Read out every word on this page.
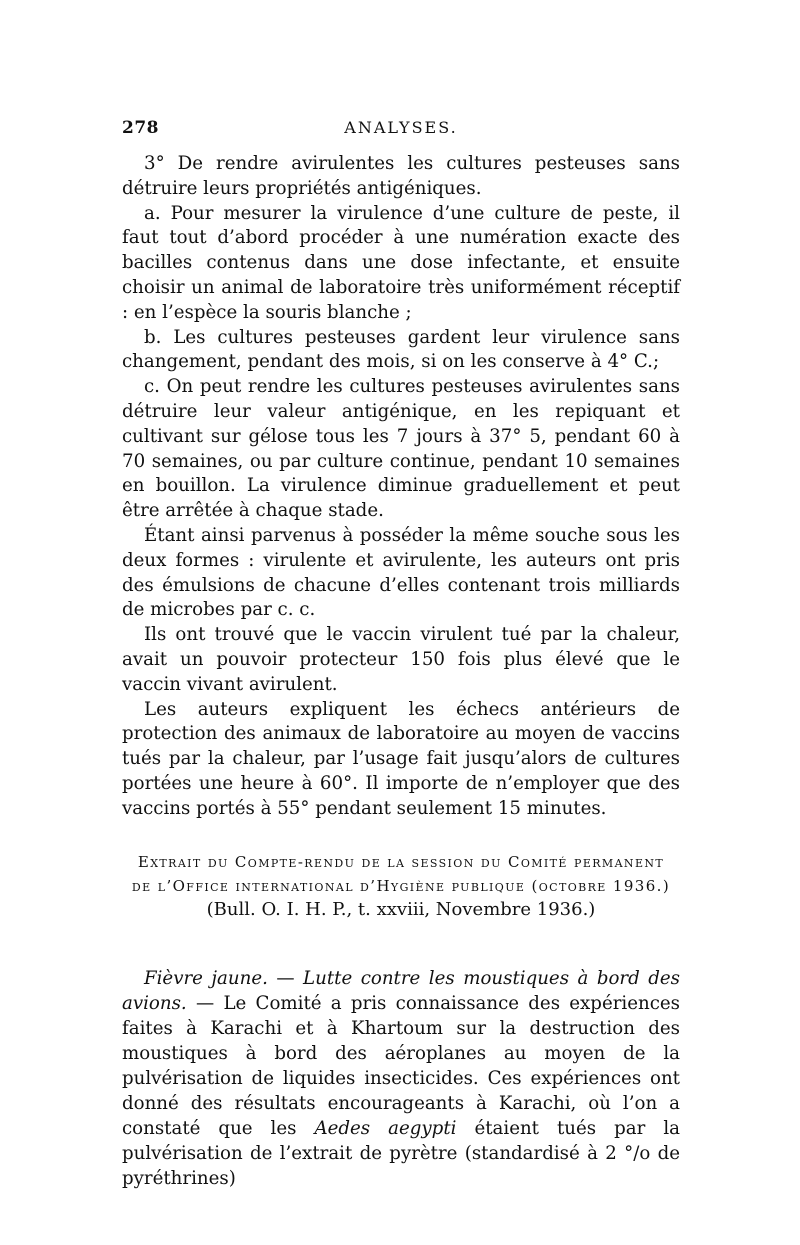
278	ANALYSES.

3° De rendre avirulentes les cultures pesteuses sans détruire leurs propriétés antigéniques.

a. Pour mesurer la virulence d’une culture de peste, il faut tout d’abord procéder à une numération exacte des bacilles contenus dans une dose infectante, et ensuite choisir un animal de laboratoire très uniformément réceptif : en l’espèce la souris blanche ;

b. Les cultures pesteuses gardent leur virulence sans changement, pendant des mois, si on les conserve à 4° C.;

c. On peut rendre les cultures pesteuses avirulentes sans détruire leur valeur antigénique, en les repiquant et cultivant sur gélose tous les 7 jours à 37° 5, pendant 60 à 70 semaines, ou par culture continue, pendant 10 semaines en bouillon. La virulence diminue graduellement et peut être arrêtée à chaque stade.

Étant ainsi parvenus à posséder la même souche sous les deux formes : virulente et avirulente, les auteurs ont pris des émulsions de chacune d’elles contenant trois milliards de microbes par c. c.

Ils ont trouvé que le vaccin virulent tué par la chaleur, avait un pouvoir protecteur 150 fois plus élevé que le vaccin vivant avirulent.

Les auteurs expliquent les échecs antérieurs de protection des animaux de laboratoire au moyen de vaccins tués par la chaleur, par l’usage fait jusqu’alors de cultures portées une heure à 60°. Il importe de n’employer que des vaccins portés à 55° pendant seulement 15 minutes.

Extrait du Compte-rendu de la session du Comité permanent
de l’Office international d’Hygiène publique (octobre 1936.)
(Bull. O. I. H. P., t. xxviii, Novembre 1936.)

Fièvre jaune. — Lutte contre les moustiques à bord des avions. — Le Comité a pris connaissance des expériences faites à Karachi et à Khartoum sur la destruction des moustiques à bord des aéroplanes au moyen de la pulvérisation de liquides insecticides. Ces expériences ont donné des résultats encourageants à Karachi, où l’on a constaté que les Aedes aegypti étaient tués par la pulvérisation de l’extrait de pyrètre (standardisé à 2 °/o de pyréthrines)
